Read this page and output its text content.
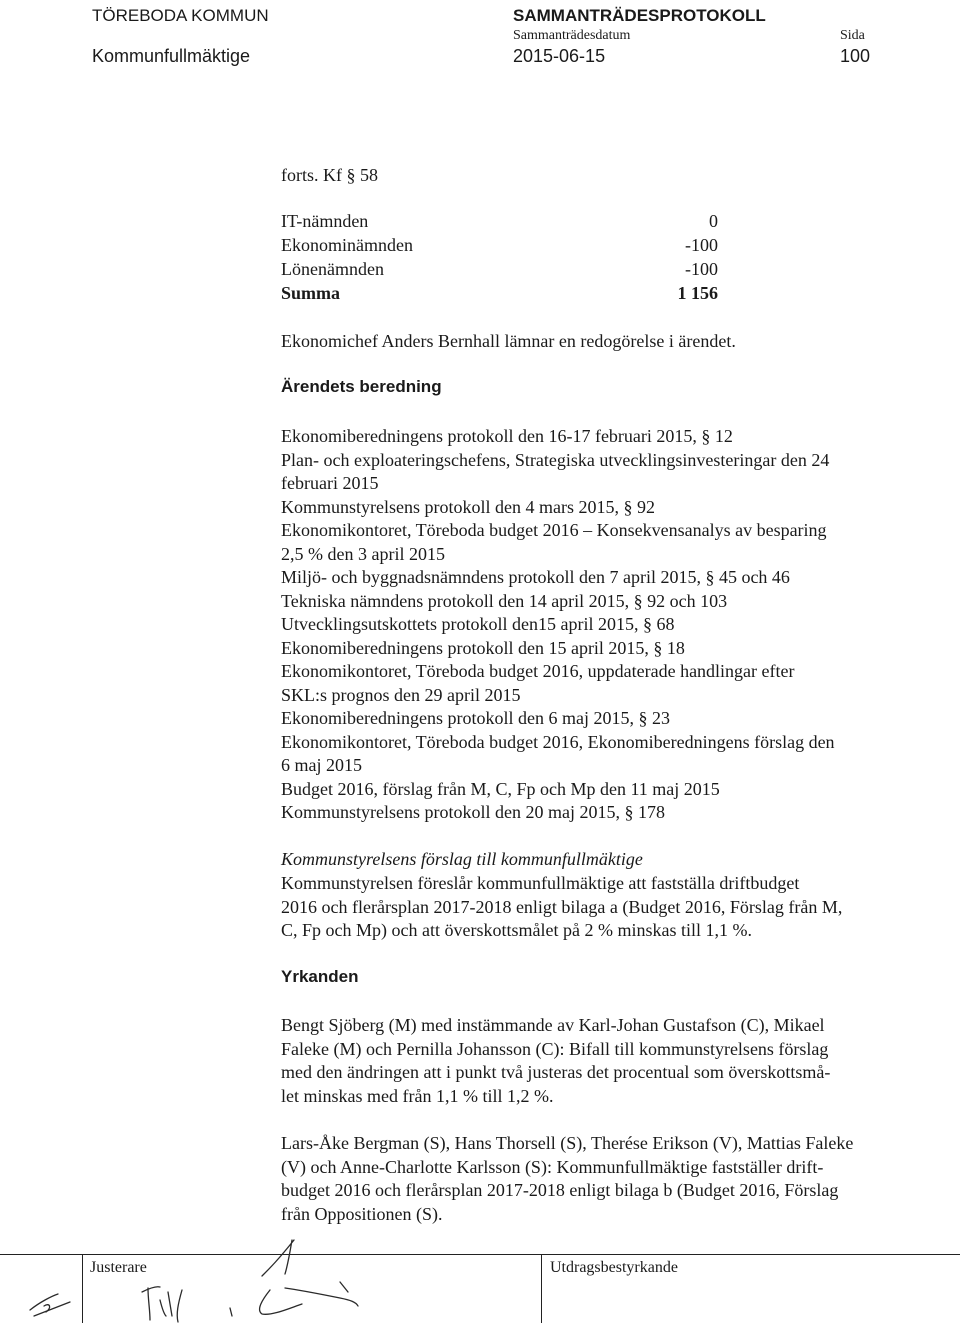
TÖREBODA KOMMUN
Kommunfullmäktige
SAMMANTRÄDESPROTOKOLL
Sammanträdesdatum
2015-06-15
Sida
100
forts. Kf § 58
IT-nämnden	0
Ekonominämnden	-100
Lönenämnden	-100
Summa	1 156
Ekonomichef Anders Bernhall lämnar en redogörelse i ärendet.
Ärendets beredning
Ekonomiberedningens protokoll den 16-17 februari 2015, § 12
Plan- och exploateringschefens, Strategiska utvecklingsinvesteringar den 24
februari 2015
Kommunstyrelsens protokoll den 4 mars 2015, § 92
Ekonomikontoret, Töreboda budget 2016 – Konsekvensanalys av besparing
2,5 % den 3 april 2015
Miljö- och byggnadsnämndens protokoll den 7 april 2015, § 45 och 46
Tekniska nämndens protokoll den 14 april 2015, § 92 och 103
Utvecklingsutskottets protokoll den15 april 2015, § 68
Ekonomiberedningens protokoll den 15 april 2015, § 18
Ekonomikontoret, Töreboda budget 2016, uppdaterade handlingar efter
SKL:s prognos den 29 april 2015
Ekonomiberedningens protokoll den 6 maj 2015, § 23
Ekonomikontoret, Töreboda budget 2016, Ekonomiberedningens förslag den
6 maj 2015
Budget 2016, förslag från M, C, Fp och Mp den 11 maj 2015
Kommunstyrelsens protokoll den 20 maj 2015, § 178
Kommunstyrelsens förslag till kommunfullmäktige
Kommunstyrelsen föreslår kommunfullmäktige att fastställa driftbudget
2016 och flerårsplan 2017-2018 enligt bilaga a (Budget 2016, Förslag från M,
C, Fp och Mp) och att överskottsmålet på 2 % minskas till 1,1 %.
Yrkanden
Bengt Sjöberg (M) med instämmande av Karl-Johan Gustafson (C), Mikael
Faleke (M) och Pernilla Johansson (C): Bifall till kommunstyrelsens förslag
med den ändringen att i punkt två justeras det procentual som överskottsmå-
let minskas med från 1,1 % till 1,2 %.
Lars-Åke Bergman (S), Hans Thorsell (S), Therése Erikson (V), Mattias Faleke
(V) och Anne-Charlotte Karlsson (S): Kommunfullmäktige fastställer drift-
budget 2016 och flerårsplan 2017-2018 enligt bilaga b (Budget 2016, Förslag
från Oppositionen (S).
Justerare	Utdragsbestyrkande
